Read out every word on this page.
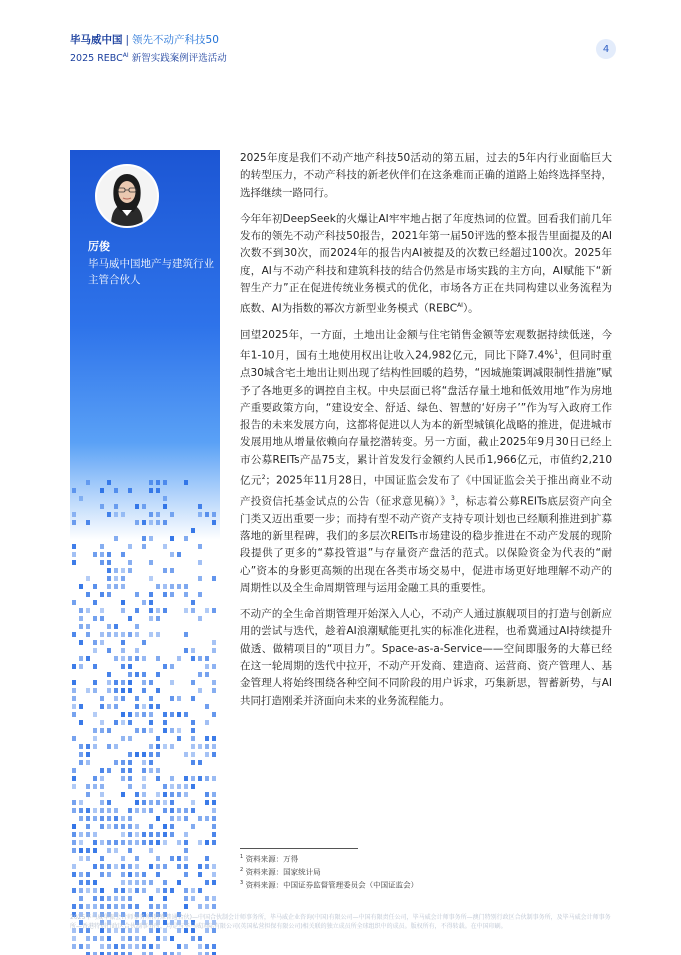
毕马威中国 | 领先不动产科技50
2025 $REBC^{AI}$ 新智实践案例评选活动
4
厉俊
毕马威中国地产与建筑行业主管合伙人

2025年度是我们不动产地产科技50活动的第五届，过去的5年内行业面临巨大的转型压力，不动产科技的新老伙伴们在这条难而正确的道路上始终选择坚持，选择继续一路同行。

今年年初DeepSeek的火爆让AI牢牢地占据了年度热词的位置。回看我们前几年发布的领先不动产科技50报告，2021年第一届50评选的整本报告里面提及的AI次数不到30次，而2024年的报告内AI被提及的次数已经超过100次。2025年度，AI与不动产科技和建筑科技的结合仍然是市场实践的主方向，AI赋能下“新智生产力”正在促进传统业务模式的优化，市场各方正在共同构建以业务流程为底数、AI为指数的幂次方新型业务模式$(REBC^{AI})$。

回望2025年，一方面，土地出让金额与住宅销售金额等宏观数据持续低迷，今年1-10月，国有土地使用权出让收入24,982亿元，同比下降7.4%$^1$，但同时重点30城含宅土地出让则出现了结构性回暖的趋势，“因城施策调减限制性措施”赋予了各地更多的调控自主权。中央层面已将“盘活存量土地和低效用地”作为房地产重要政策方向，“建设安全、舒适、绿色、智慧的‘好房子’”作为写入政府工作报告的未来发展方向，这都将促进以人为本的新型城镇化战略的推进，促进城市发展用地从增量依赖向存量挖潜转变。另一方面，截止2025年9月30日已经上市公募REITs产品75支，累计首发发行金额约人民币1,966亿元，市值约2,210亿元$^2$；2025年11月28日，中国证监会发布了《中国证监会关于推出商业不动产投资信托基金试点的公告（征求意见稿）》$^3$，标志着公募REITs底层资产向全门类又迈出重要一步；而持有型不动产资产支持专项计划也已经顺利推进到扩募落地的新里程碑，我们的多层次REITs市场建设的稳步推进在不动产发展的现阶段提供了更多的“募投管退”与存量资产盘活的范式。以保险资金为代表的“耐心”资本的身影更高频的出现在各类市场交易中，促进市场更好地理解不动产的周期性以及全生命周期管理与运用金融工具的重要性。

不动产的全生命首期管理开始深入人心，不动产人通过旗舰项目的打造与创新应用的尝试与迭代，趁着AI浪潮赋能更扎实的标准化进程，也希冀通过AI持续提升做透、做精项目的“项目力”。Space-as-a-Service——空间即服务的大幕已经在这一轮周期的迭代中拉开，不动产开发商、建造商、运营商、资产管理人、基金管理人将始终围绕各种空间不同阶段的用户诉求，巧集新思，智蓄新势，与AI共同打造刚柔并济面向未来的业务流程能力。

$^1$ 资料来源：万得
$^2$ 资料来源：国家统计局
$^3$ 资料来源：中国证券监督管理委员会（中国证监会）
2025毕马威华振会计师事务所(特殊普通合伙)—中国合伙制会计师事务所，毕马威企业咨询(中国)有限公司—中国有限责任公司，毕马威会计师事务所—澳门特别行政区合伙制事务所，及毕马威会计师事务所—香港特别行政区合伙制事务所，均是与毕马威国际有限公司(英国私营担保有限公司)相关联的独立成员所全球组织中的成员。版权所有，不得转载。在中国印刷。
